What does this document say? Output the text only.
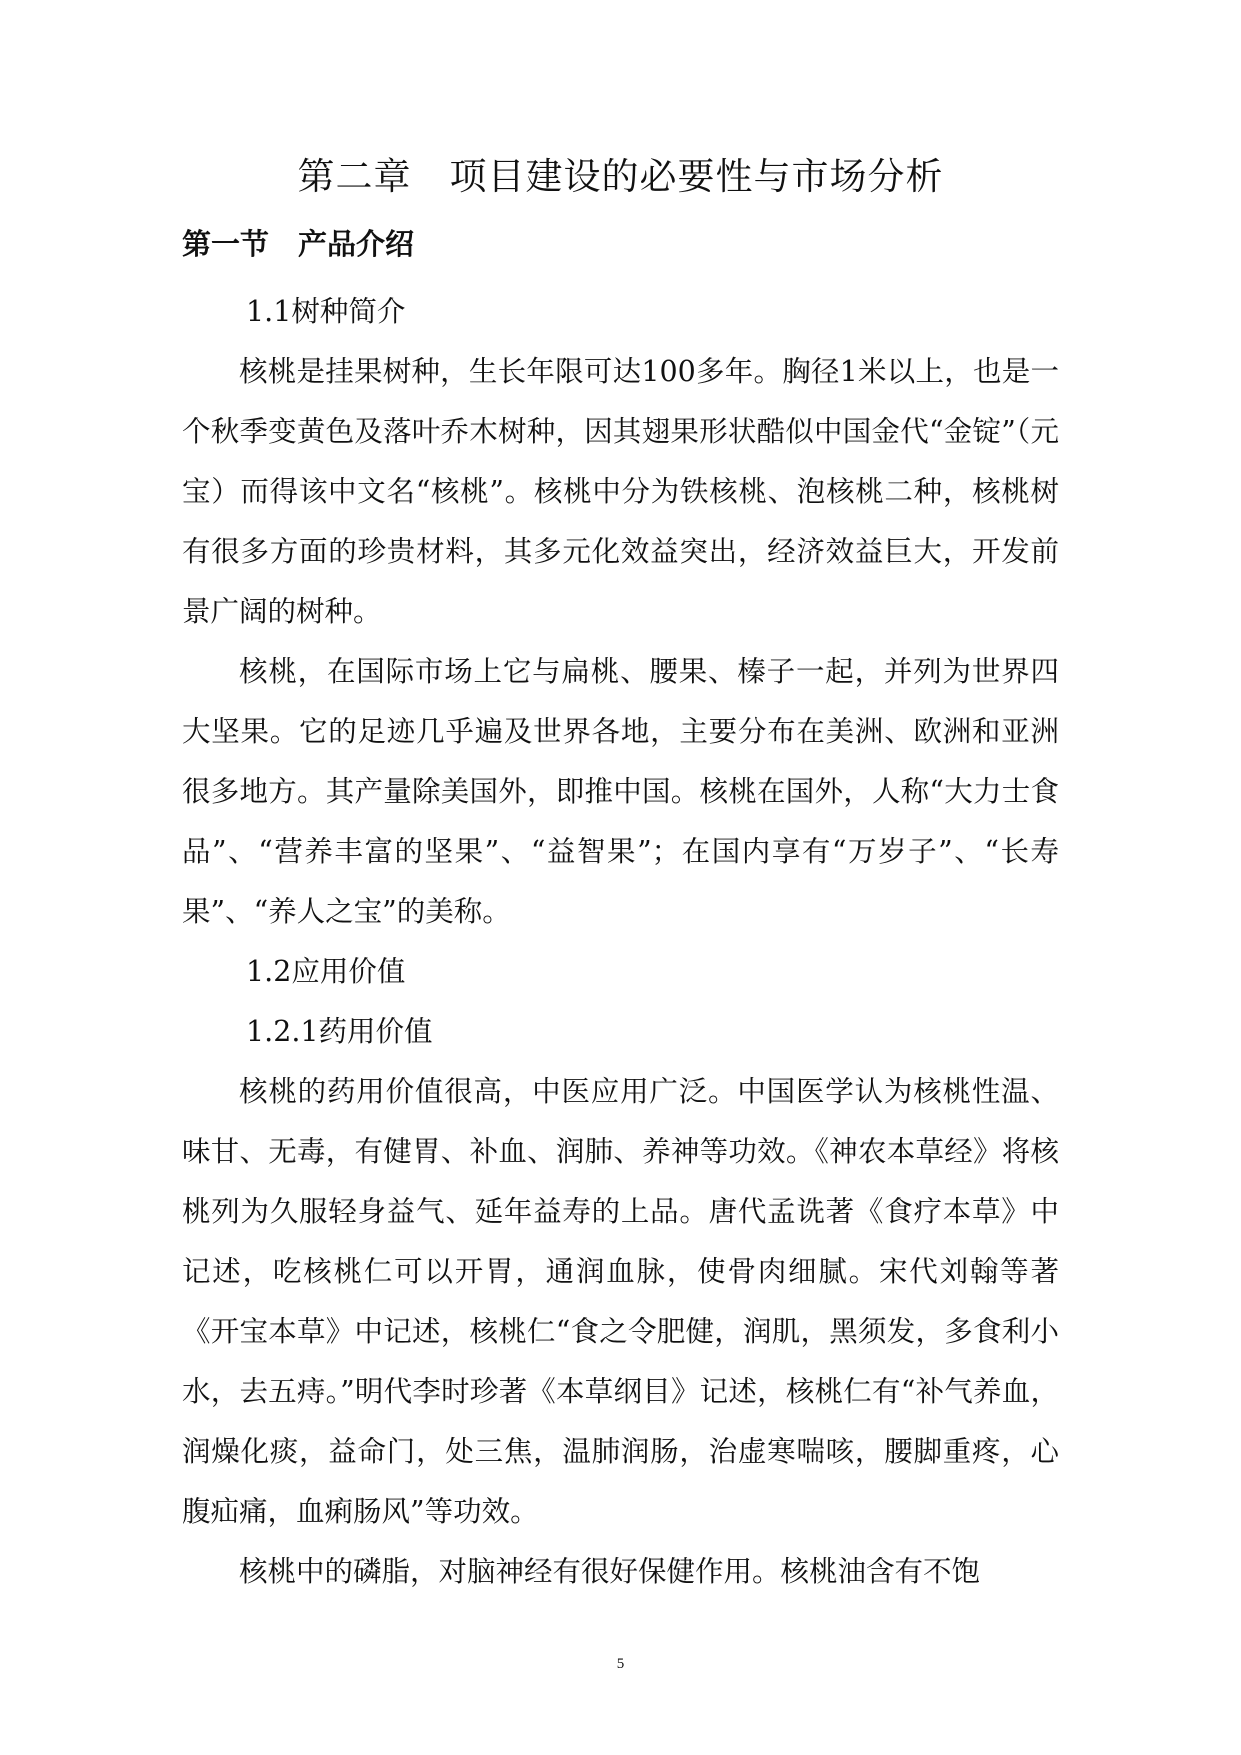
第二章　项目建设的必要性与市场分析
第一节　产品介绍

1.1树种简介

核桃是挂果树种，生长年限可达100多年。胸径1米以上，也是一个秋季变黄色及落叶乔木树种，因其翅果形状酷似中国金代“金锭”（元宝）而得该中文名“核桃”。核桃中分为铁核桃、泡核桃二种，核桃树有很多方面的珍贵材料，其多元化效益突出，经济效益巨大，开发前景广阔的树种。

核桃，在国际市场上它与扁桃、腰果、榛子一起，并列为世界四大坚果。它的足迹几乎遍及世界各地，主要分布在美洲、欧洲和亚洲很多地方。其产量除美国外，即推中国。核桃在国外，人称“大力士食品”、“营养丰富的坚果”、“益智果”；在国内享有“万岁子”、“长寿果”、“养人之宝”的美称。

1.2应用价值

1.2.1药用价值

核桃的药用价值很高，中医应用广泛。中国医学认为核桃性温、味甘、无毒，有健胃、补血、润肺、养神等功效。《神农本草经》将核桃列为久服轻身益气、延年益寿的上品。唐代孟诜著《食疗本草》中记述，吃核桃仁可以开胃，通润血脉，使骨肉细腻。宋代刘翰等著《开宝本草》中记述，核桃仁“食之令肥健，润肌，黑须发，多食利小水，去五痔。”明代李时珍著《本草纲目》记述，核桃仁有“补气养血，润燥化痰，益命门，处三焦，温肺润肠，治虚寒喘咳，腰脚重疼，心腹疝痛，血痢肠风”等功效。

核桃中的磷脂，对脑神经有很好保健作用。核桃油含有不饱

5
